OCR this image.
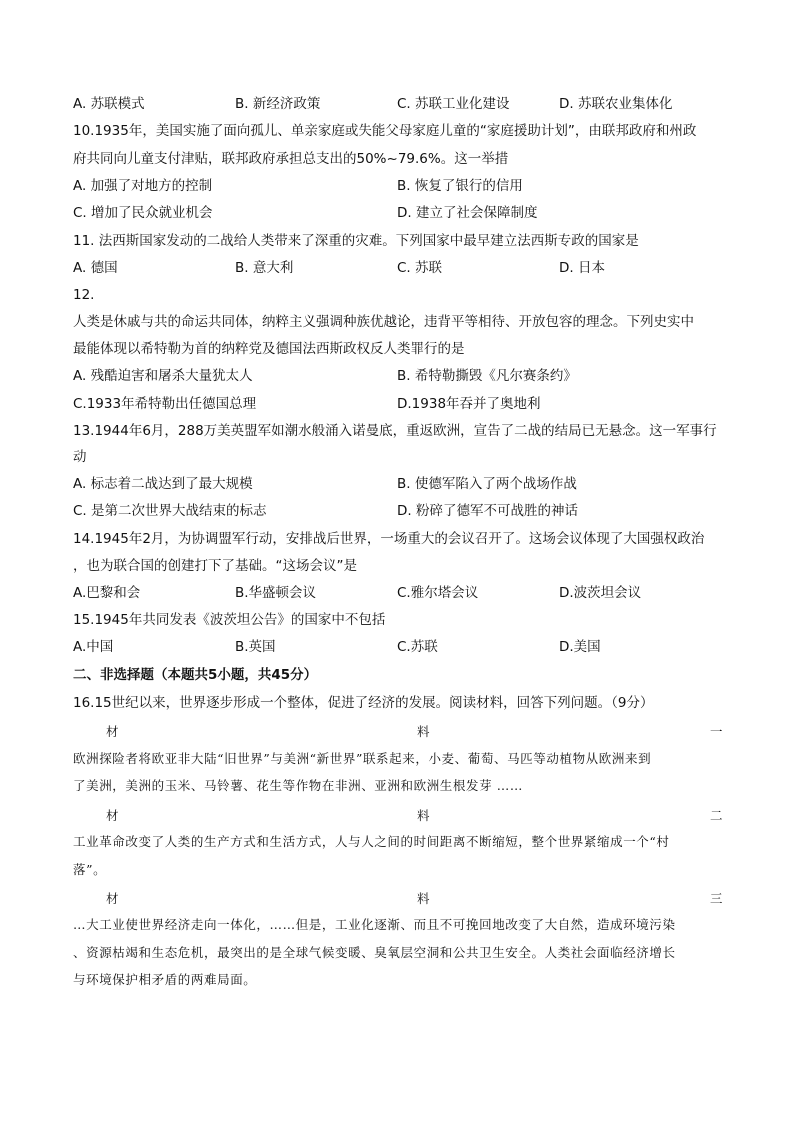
A. 苏联模式	B. 新经济政策	C. 苏联工业化建设	D. 苏联农业集体化
10.1935年，美国实施了面向孤儿、单亲家庭或失能父母家庭儿童的“家庭援助计划”，由联邦政府和州政
府共同向儿童支付津贴，联邦政府承担总支出的50%~79.6%。这一举措
A. 加强了对地方的控制	B. 恢复了银行的信用
C. 增加了民众就业机会	D. 建立了社会保障制度
11. 法西斯国家发动的二战给人类带来了深重的灾难。下列国家中最早建立法西斯专政的国家是
A. 德国	B. 意大利	C. 苏联	D. 日本
12.
人类是休戚与共的命运共同体，纳粹主义强调种族优越论，违背平等相待、开放包容的理念。下列史实中
最能体现以希特勒为首的纳粹党及德国法西斯政权反人类罪行的是
A. 残酷迫害和屠杀大量犹太人	B. 希特勒撕毁《凡尔赛条约》
C.1933年希特勒出任德国总理	D.1938年吞并了奥地利
13.1944年6月，288万美英盟军如潮水般涌入诺曼底，重返欧洲，宣告了二战的结局已无悬念。这一军事行
动
A. 标志着二战达到了最大规模	B. 使德军陷入了两个战场作战
C. 是第二次世界大战结束的标志	D. 粉碎了德军不可战胜的神话
14.1945年2月，为协调盟军行动，安排战后世界，一场重大的会议召开了。这场会议体现了大国强权政治
，也为联合国的创建打下了基础。“这场会议”是
A.巴黎和会	B.华盛顿会议	C.雅尔塔会议	D.波茨坦会议
15.1945年共同发表《波茨坦公告》的国家中不包括
A.中国	B.英国	C.苏联	D.美国
二、非选择题（本题共5小题，共45分）
16.15世纪以来，世界逐步形成一个整体，促进了经济的发展。阅读材料，回答下列问题。（9分）
材	料	一
欧洲探险者将欧亚非大陆“旧世界”与美洲“新世界”联系起来，小麦、葡萄、马匹等动植物从欧洲来到
了美洲，美洲的玉米、马铃薯、花生等作物在非洲、亚洲和欧洲生根发芽 ……
材	料	二
工业革命改变了人类的生产方式和生活方式，人与人之间的时间距离不断缩短，整个世界紧缩成一个“村
落”。
材	料	三
…大工业使世界经济走向一体化，……但是，工业化逐渐、而且不可挽回地改变了大自然，造成环境污染
、资源枯竭和生态危机，最突出的是全球气候变暖、臭氧层空洞和公共卫生安全。人类社会面临经济增长
与环境保护相矛盾的两难局面。
